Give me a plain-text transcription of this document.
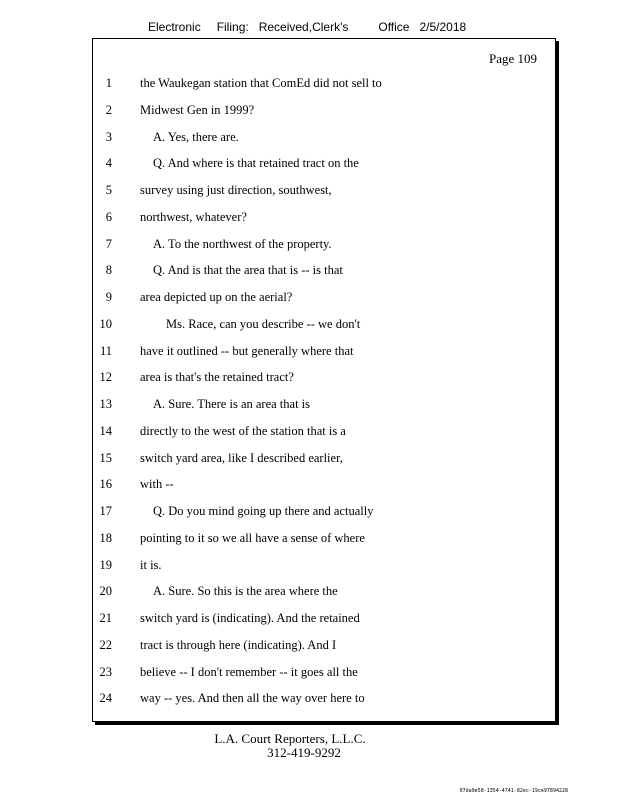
Electronic Filing: Received,Clerk's	Office 2/5/2018
Page 109
1 the Waukegan station that ComEd did not sell to
2 Midwest Gen in 1999?
3	A. Yes, there are.
4	Q. And where is that retained tract on the
5 survey using just direction, southwest,
6 northwest, whatever?
7	A. To the northwest of the property.
8	Q. And is that the area that is -- is that
9 area depicted up on the aerial?
10	Ms. Race, can you describe -- we don't
11 have it outlined -- but generally where that
12 area is that's the retained tract?
13	A. Sure. There is an area that is
14 directly to the west of the station that is a
15 switch yard area, like I described earlier,
16 with --
17	Q. Do you mind going up there and actually
18 pointing to it so we all have a sense of where
19 it is.
20	A. Sure. So this is the area where the
21 switch yard is (indicating). And the retained
22 tract is through here (indicating). And I
23 believe -- I don't remember -- it goes all the
24 way -- yes. And then all the way over here to
L.A. Court Reporters, L.L.C.
312-419-9292
07da9e58-1354-4741-82ec-19ce97894228
